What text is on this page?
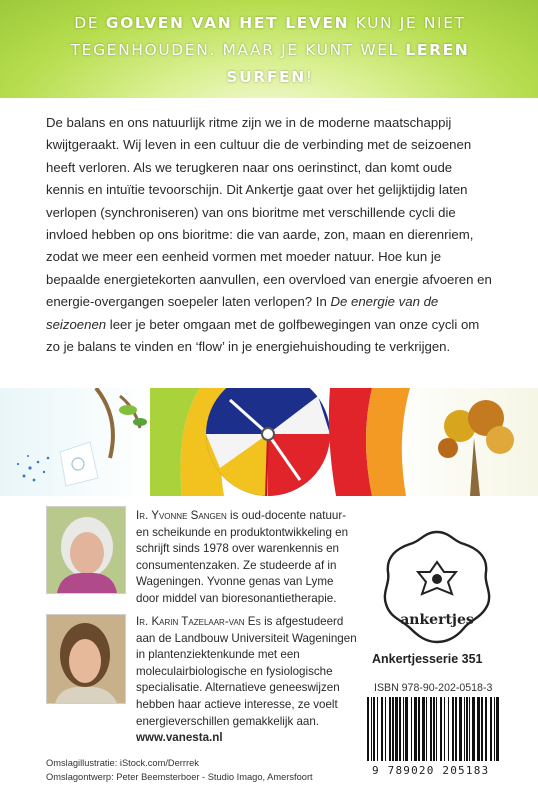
DE GOLVEN VAN HET LEVEN KUN JE NIET TEGENHOUDEN. MAAR JE KUNT WEL LEREN SURFEN!

De balans en ons natuurlijk ritme zijn we in de moderne maatschappij kwijtgeraakt. Wij leven in een cultuur die de verbinding met de seizoenen heeft verloren. Als we terugkeren naar ons oerinstinct, dan komt oude kennis en intuïtie tevoorschijn. Dit Ankertje gaat over het gelijktijdig laten verlopen (synchroniseren) van ons bioritme met verschillende cycli die invloed hebben op ons bioritme: die van aarde, zon, maan en dierenriem, zodat we meer een eenheid vormen met moeder natuur. Hoe kun je bepaalde energietekorten aanvullen, een overvloed van energie afvoeren en energie-overgangen soepeler laten verlopen? In De energie van de seizoenen leer je beter omgaan met de golfbewegingen van onze cycli om zo je balans te vinden en ‘flow’ in je energiehuishouding te verkrijgen.

Ir. Yvonne Sangen is oud-docente natuur- en scheikunde en produktontwikkeling en schrijft sinds 1978 over warenkennis en consumentenzaken. Ze studeerde af in Wageningen. Yvonne genas van Lyme door middel van bioresonantietherapie.
Ir. Karin Tazelaar-van Es is afgestudeerd aan de Landbouw Universiteit Wageningen in plantenziektenkunde met een moleculairbiologische en fysiologische specialisatie. Alternatieve geneeswijzen hebben haar actieve interesse, ze voelt energieverschillen gemakkelijk aan. www.vanesta.nl
ankertjes
Ankertjesserie 351
ISBN 978-90-202-0518-3
9 789020 205183
Omslagillustratie: iStock.com/Derrrek
Omslagontwerp: Peter Beemsterboer - Studio Imago, Amersfoort
